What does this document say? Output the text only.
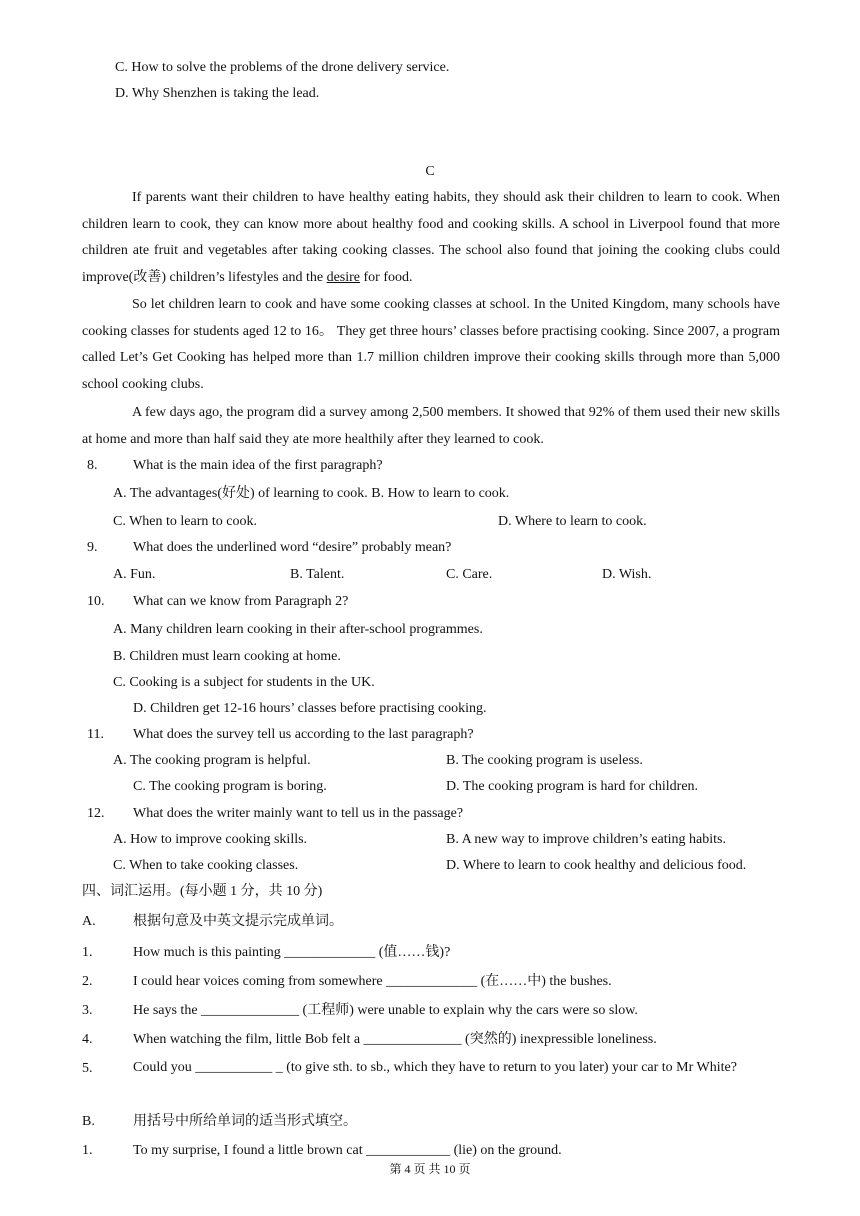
C. How to solve the problems of the drone delivery service.
D. Why Shenzhen is taking the lead.
C
If parents want their children to have healthy eating habits, they should ask their children to learn to cook. When children learn to cook, they can know more about healthy food and cooking skills. A school in Liverpool found that more children ate fruit and vegetables after taking cooking classes. The school also found that joining the cooking clubs could improve(改善) children’s lifestyles and the desire for food.
So let children learn to cook and have some cooking classes at school. In the United Kingdom, many schools have cooking classes for students aged 12 to 16。 They get three hours’ classes before practising cooking. Since 2007, a program called Let’s Get Cooking has helped more than 1.7 million children improve their cooking skills through more than 5,000 school cooking clubs.
A few days ago, the program did a survey among 2,500 members. It showed that 92% of them used their new skills at home and more than half said they ate more healthily after they learned to cook.
8.	What is the main idea of the first paragraph?
A. The advantages(好处) of learning to cook. B. How to learn to cook.
C. When to learn to cook.	D. Where to learn to cook.
9.	What does the underlined word “desire” probably mean?
A. Fun.	B. Talent.	C. Care.	D. Wish.
10. What can we know from Paragraph 2?
A. Many children learn cooking in their after-school programmes.
B. Children must learn cooking at home.
C. Cooking is a subject for students in the UK.
D. Children get 12-16 hours’ classes before practising cooking.
11. What does the survey tell us according to the last paragraph?
A. The cooking program is helpful.	B. The cooking program is useless.
C. The cooking program is boring.	D. The cooking program is hard for children.
12. What does the writer mainly want to tell us in the passage?
A. How to improve cooking skills.	B. A new way to improve children’s eating habits.
C. When to take cooking classes.	D. Where to learn to cook healthy and delicious food.
四、词汇运用。(每小题 1 分，共 10 分)
A.	根据句意及中英文提示完成单词。
1.	How much is this painting _____________ (值……钱)?
2.	I could hear voices coming from somewhere _____________ (在……中) the bushes.
3.	He says the ______________ (工程师) were unable to explain why the cars were so slow.
4.	When watching the film, little Bob felt a ______________ (突然的) inexpressible loneliness.
5.	Could you ___________ _ (to give sth. to sb., which they have to return to you later) your car to Mr White?
B.	用括号中所给单词的适当形式填空。
1.	To my surprise, I found a little brown cat ____________ (lie) on the ground.
第 4 页 共 10 页
